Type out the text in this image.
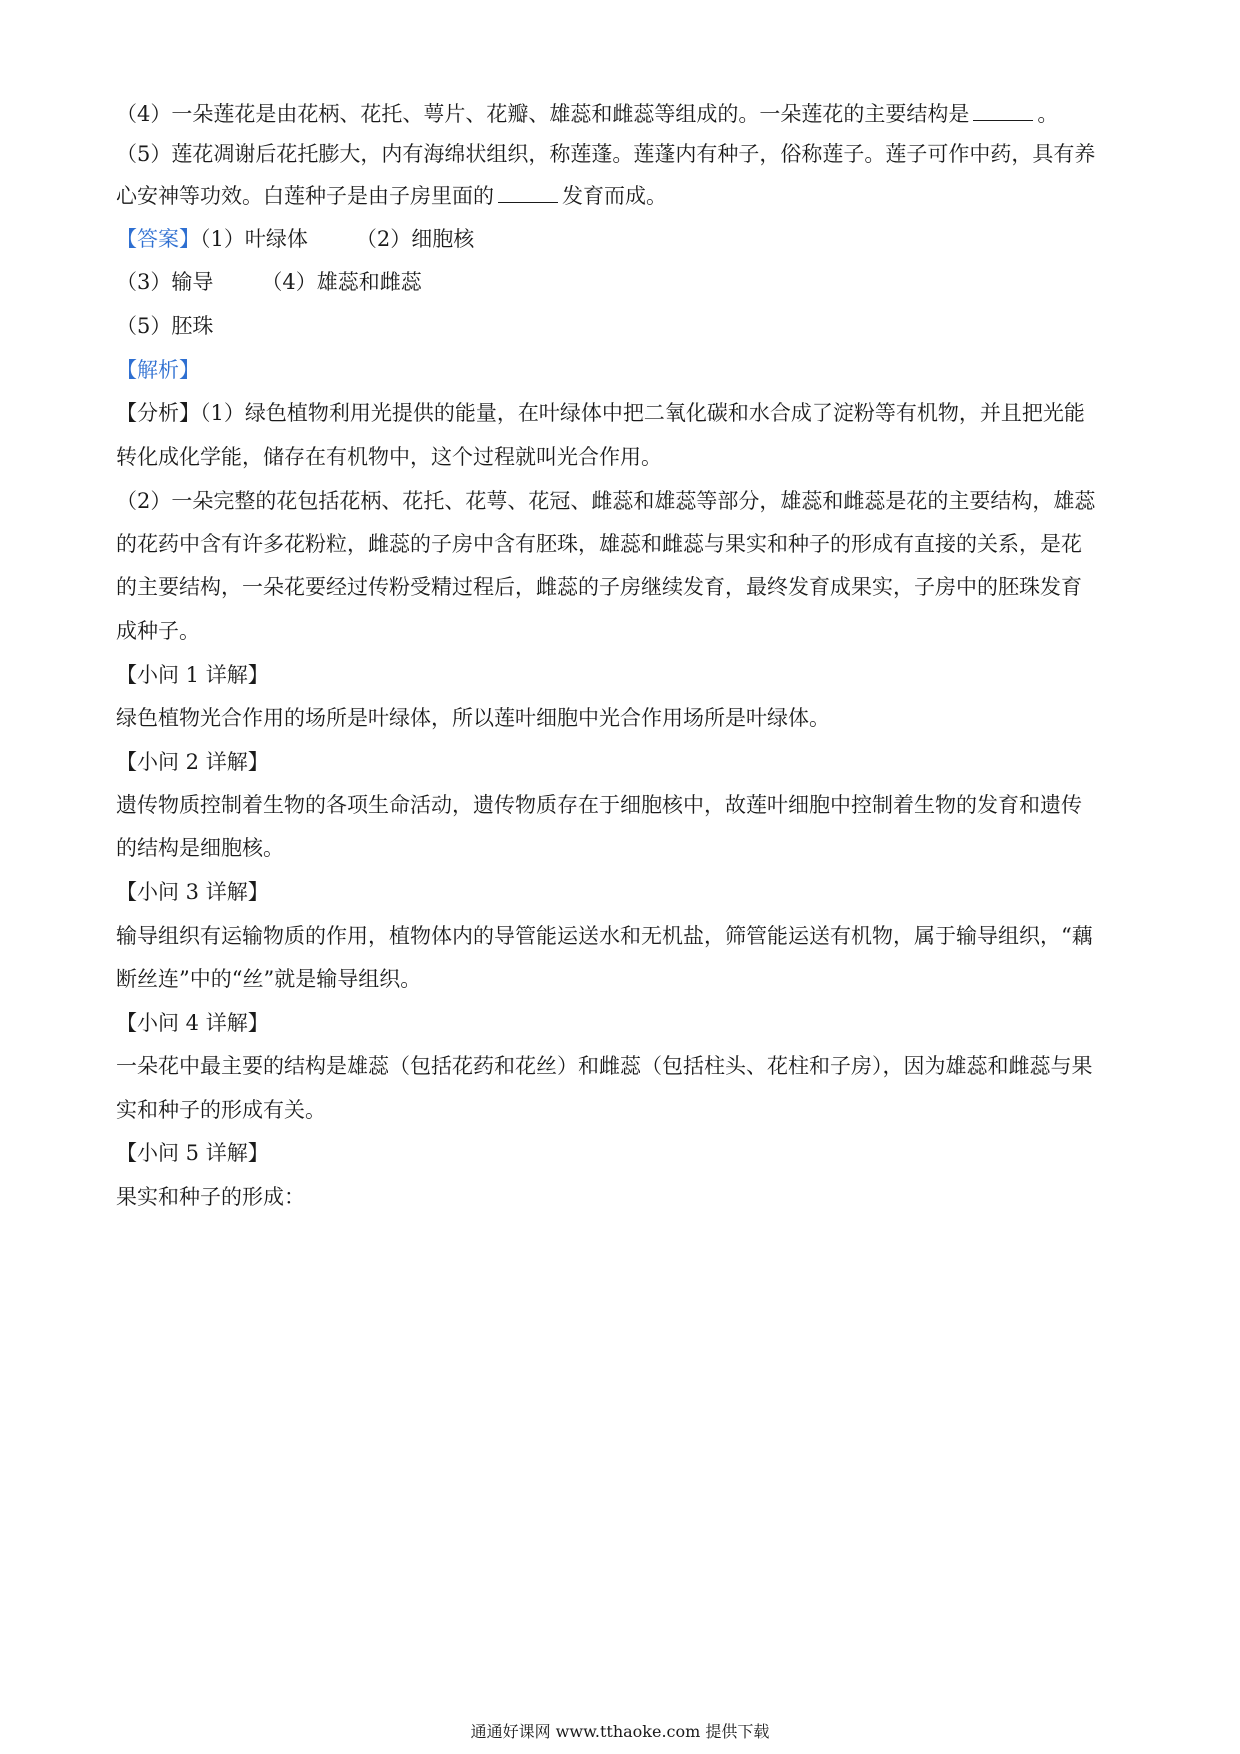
（4）一朵莲花是由花柄、花托、萼片、花瓣、雄蕊和雌蕊等组成的。一朵莲花的主要结构是	。
（5）莲花凋谢后花托膨大，内有海绵状组织，称莲蓬。莲蓬内有种子，俗称莲子。莲子可作中药，具有养
心安神等功效。白莲种子是由子房里面的	发育而成。
【答案】（1）叶绿体 （2）细胞核
（3）输导 （4）雄蕊和雌蕊
（5）胚珠
【解析】
【分析】（1）绿色植物利用光提供的能量，在叶绿体中把二氧化碳和水合成了淀粉等有机物，并且把光能
转化成化学能，储存在有机物中，这个过程就叫光合作用。
（2）一朵完整的花包括花柄、花托、花萼、花冠、雌蕊和雄蕊等部分，雄蕊和雌蕊是花的主要结构，雄蕊
的花药中含有许多花粉粒，雌蕊的子房中含有胚珠，雄蕊和雌蕊与果实和种子的形成有直接的关系，是花
的主要结构，一朵花要经过传粉受精过程后，雌蕊的子房继续发育，最终发育成果实，子房中的胚珠发育
成种子。
【小问 1 详解】
绿色植物光合作用的场所是叶绿体，所以莲叶细胞中光合作用场所是叶绿体。
【小问 2 详解】
遗传物质控制着生物的各项生命活动，遗传物质存在于细胞核中，故莲叶细胞中控制着生物的发育和遗传
的结构是细胞核。
【小问 3 详解】
输导组织有运输物质的作用，植物体内的导管能运送水和无机盐，筛管能运送有机物，属于输导组织，“藕
断丝连”中的“丝”就是输导组织。
【小问 4 详解】
一朵花中最主要的结构是雄蕊（包括花药和花丝）和雌蕊（包括柱头、花柱和子房），因为雄蕊和雌蕊与果
实和种子的形成有关。
【小问 5 详解】
果实和种子的形成：
通通好课网 www.tthaoke.com 提供下载
